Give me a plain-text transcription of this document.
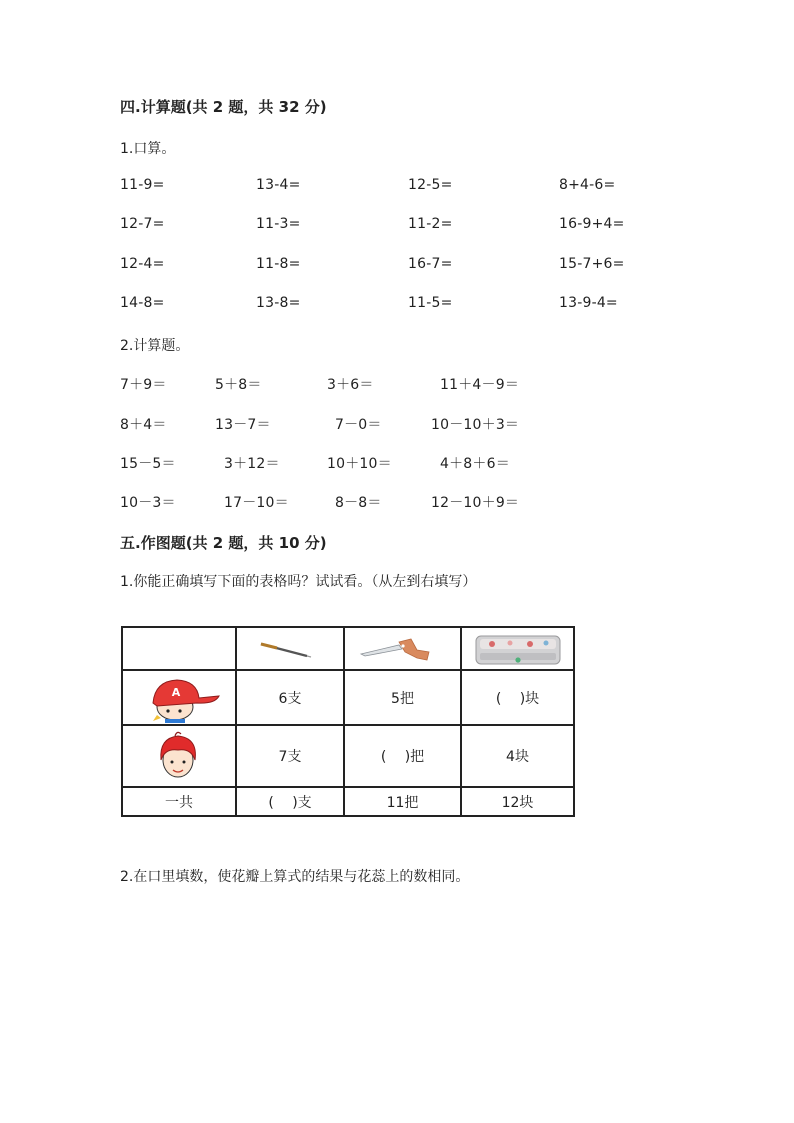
四.计算题(共 2 题，共 32 分)
1.口算。
11-9=	13-4=	12-5=	8+4-6=
12-7=	11-3=	11-2=	16-9+4=
12-4=	11-8=	16-7=	15-7+6=
14-8=	13-8=	11-5=	13-9-4=
2.计算题。
7＋9＝	5＋8＝	3＋6＝	11＋4－9＝
8＋4＝	13－7＝	7－0＝	10－10＋3＝
15－5＝	3＋12＝	10＋10＝	4＋8＋6＝
10－3＝	17－10＝	8－8＝	12－10＋9＝
五.作图题(共 2 题，共 10 分)
1.你能正确填写下面的表格吗？试试看。（从左到右填写）

A	6支	5把	(　 )块

	7支	(　 )把	4块
一共	(　 )支	11把	12块
2.在口里填数，使花瓣上算式的结果与花蕊上的数相同。
